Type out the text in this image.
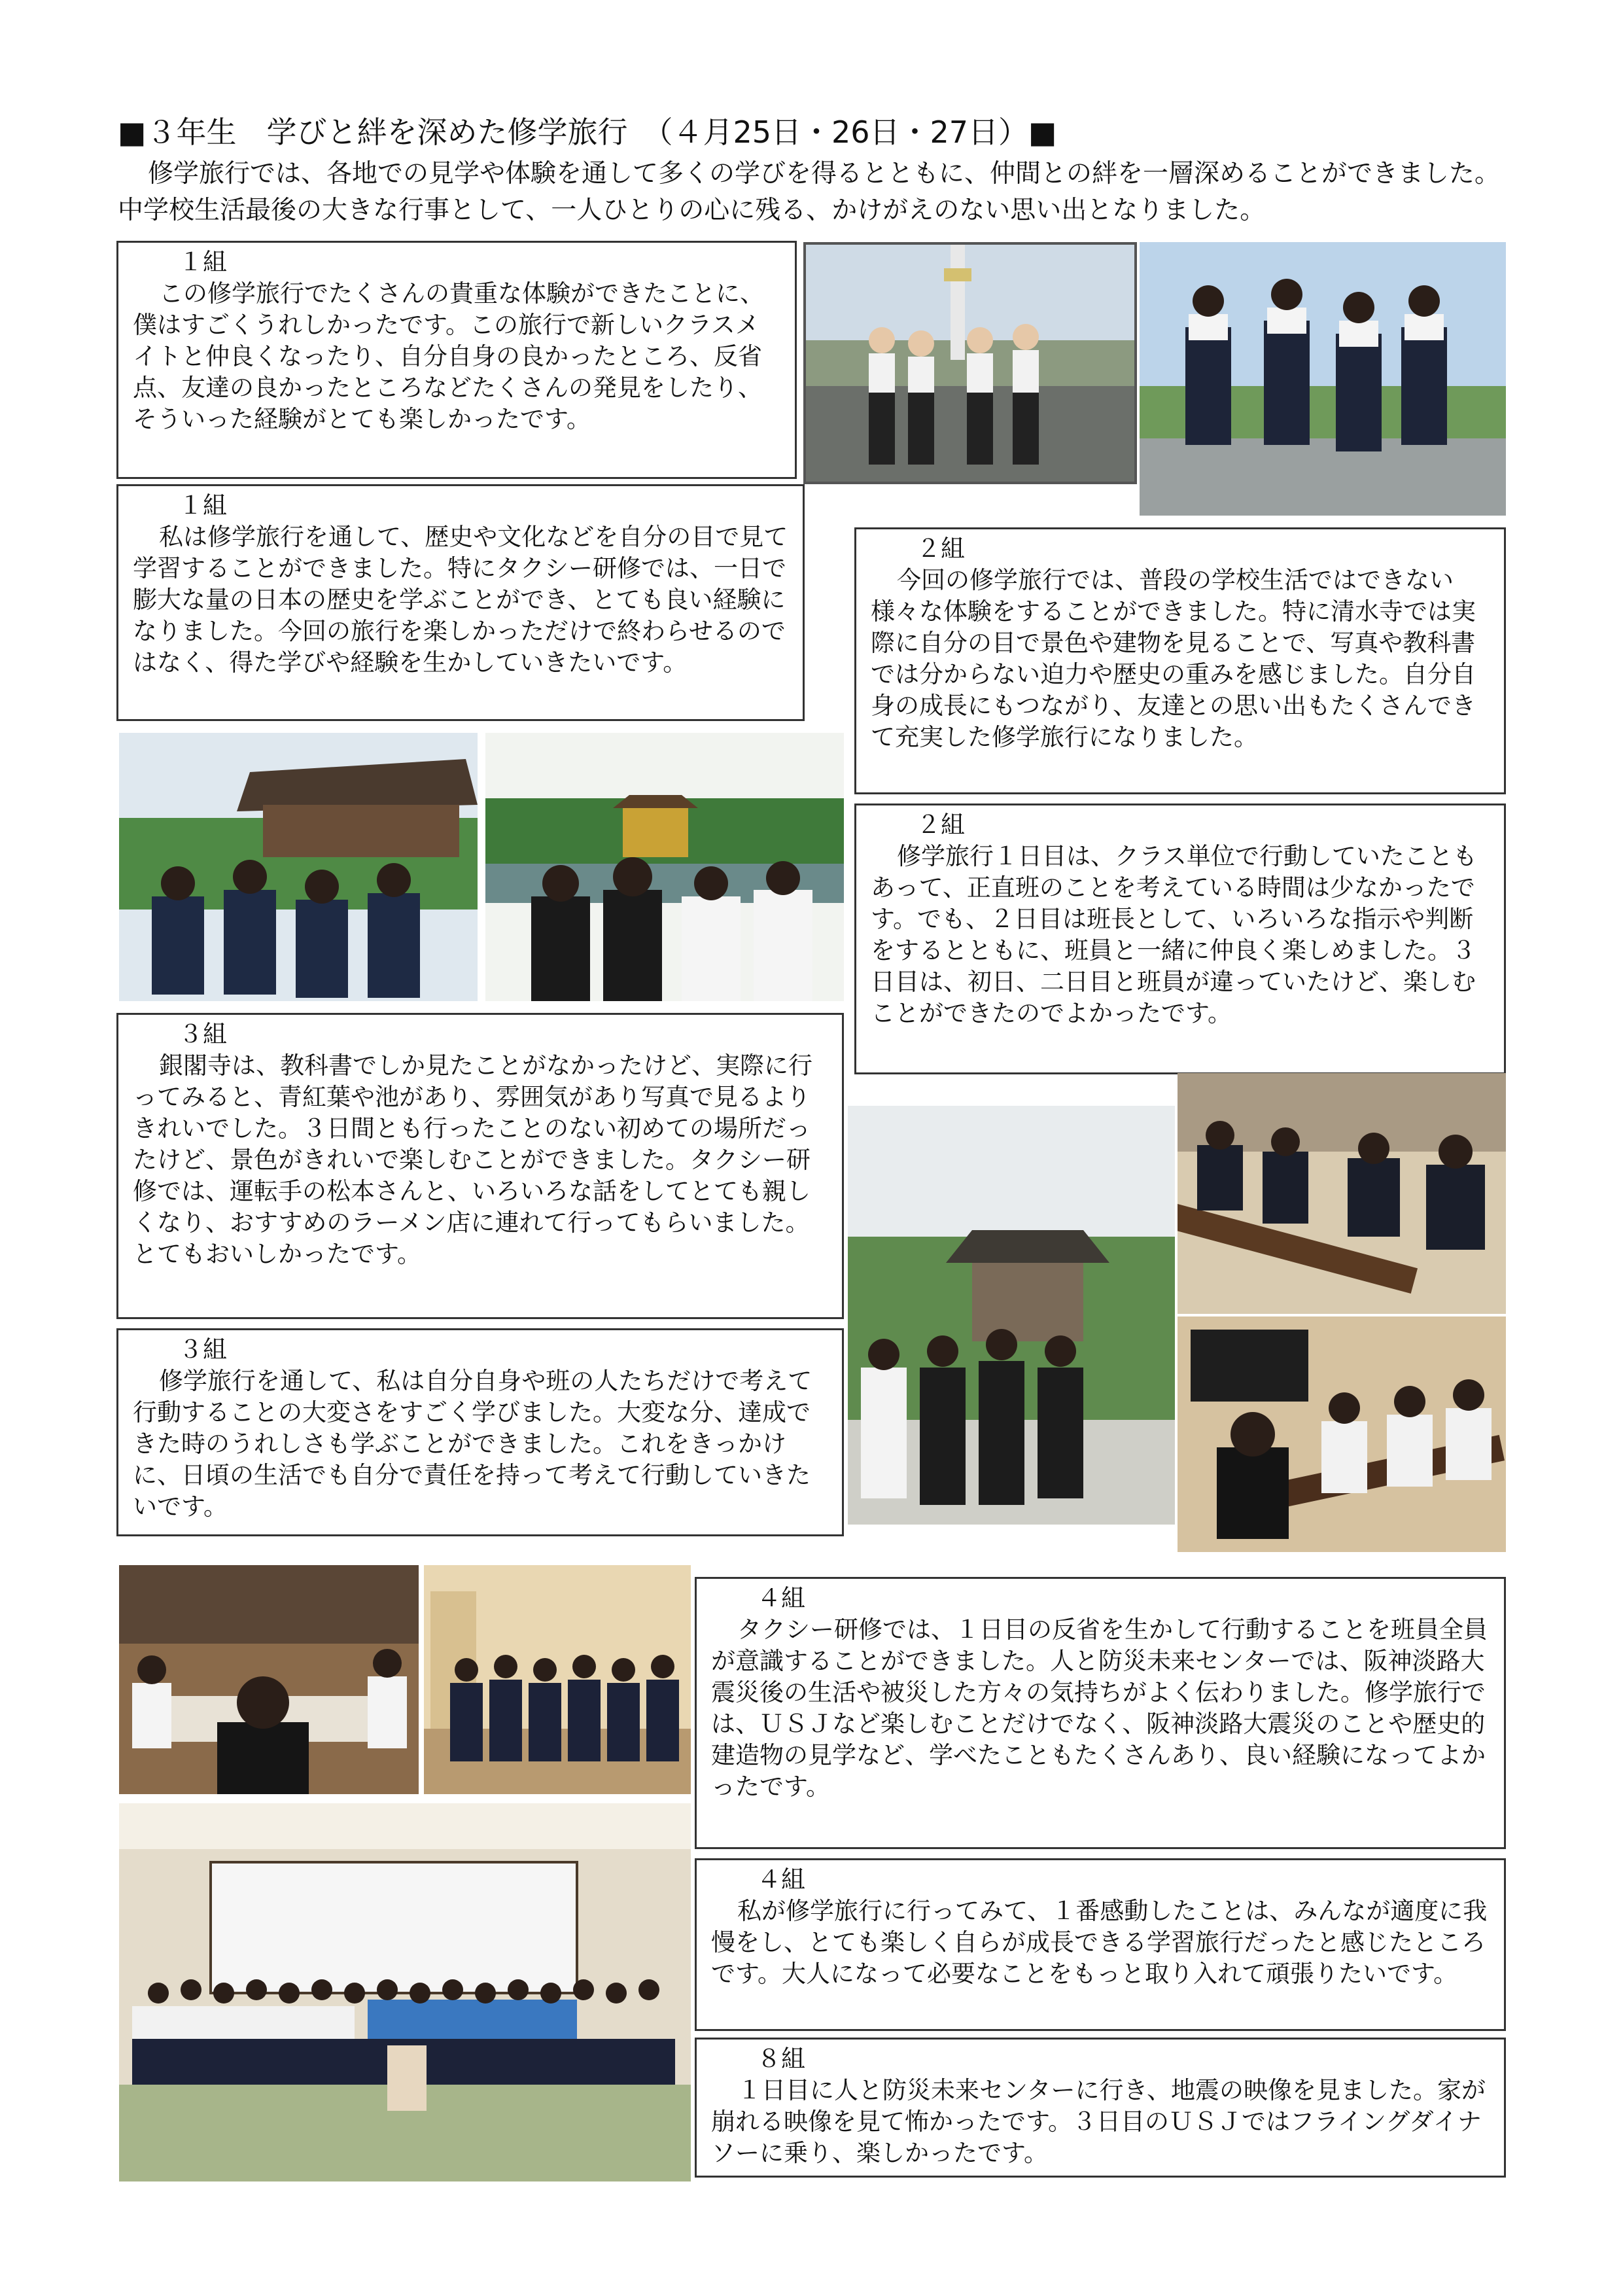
■３年生　学びと絆を深めた修学旅行　（４月25日・26日・27日）■

修学旅行では、各地での見学や体験を通して多くの学びを得るとともに、仲間との絆を一層深めることができました。中学校生活最後の大きな行事として、一人ひとりの心に残る、かけがえのない思い出となりました。

１組

この修学旅行でたくさんの貴重な体験ができたことに、僕はすごくうれしかったです。この旅行で新しいクラスメイトと仲良くなったり、自分自身の良かったところ、反省点、友達の良かったところなどたくさんの発見をしたり、そういった経験がとても楽しかったです。

１組

私は修学旅行を通して、歴史や文化などを自分の目で見て学習することができました。特にタクシー研修では、一日で膨大な量の日本の歴史を学ぶことができ、とても良い経験になりました。今回の旅行を楽しかっただけで終わらせるのではなく、得た学びや経験を生かしていきたいです。

２組

今回の修学旅行では、普段の学校生活ではできない様々な体験をすることができました。特に清水寺では実際に自分の目で景色や建物を見ることで、写真や教科書では分からない迫力や歴史の重みを感じました。自分自身の成長にもつながり、友達との思い出もたくさんできて充実した修学旅行になりました。

２組

修学旅行１日目は、クラス単位で行動していたこともあって、正直班のことを考えている時間は少なかったです。でも、２日目は班長として、いろいろな指示や判断をするとともに、班員と一緒に仲良く楽しめました。３日目は、初日、二日目と班員が違っていたけど、楽しむことができたのでよかったです。

３組

銀閣寺は、教科書でしか見たことがなかったけど、実際に行ってみると、青紅葉や池があり、雰囲気があり写真で見るよりきれいでした。３日間とも行ったことのない初めての場所だったけど、景色がきれいで楽しむことができました。タクシー研修では、運転手の松本さんと、いろいろな話をしてとても親しくなり、おすすめのラーメン店に連れて行ってもらいました。とてもおいしかったです。

３組

修学旅行を通して、私は自分自身や班の人たちだけで考えて行動することの大変さをすごく学びました。大変な分、達成できた時のうれしさも学ぶことができました。これをきっかけに、日頃の生活でも自分で責任を持って考えて行動していきたいです。

４組

タクシー研修では、１日目の反省を生かして行動することを班員全員が意識することができました。人と防災未来センターでは、阪神淡路大震災後の生活や被災した方々の気持ちがよく伝わりました。修学旅行では、ＵＳＪなど楽しむことだけでなく、阪神淡路大震災のことや歴史的建造物の見学など、学べたこともたくさんあり、良い経験になってよかったです。

４組

私が修学旅行に行ってみて、１番感動したことは、みんなが適度に我慢をし、とても楽しく自らが成長できる学習旅行だったと感じたところです。大人になって必要なことをもっと取り入れて頑張りたいです。

８組

１日目に人と防災未来センターに行き、地震の映像を見ました。家が崩れる映像を見て怖かったです。３日目のＵＳＪではフライングダイナソーに乗り、楽しかったです。
